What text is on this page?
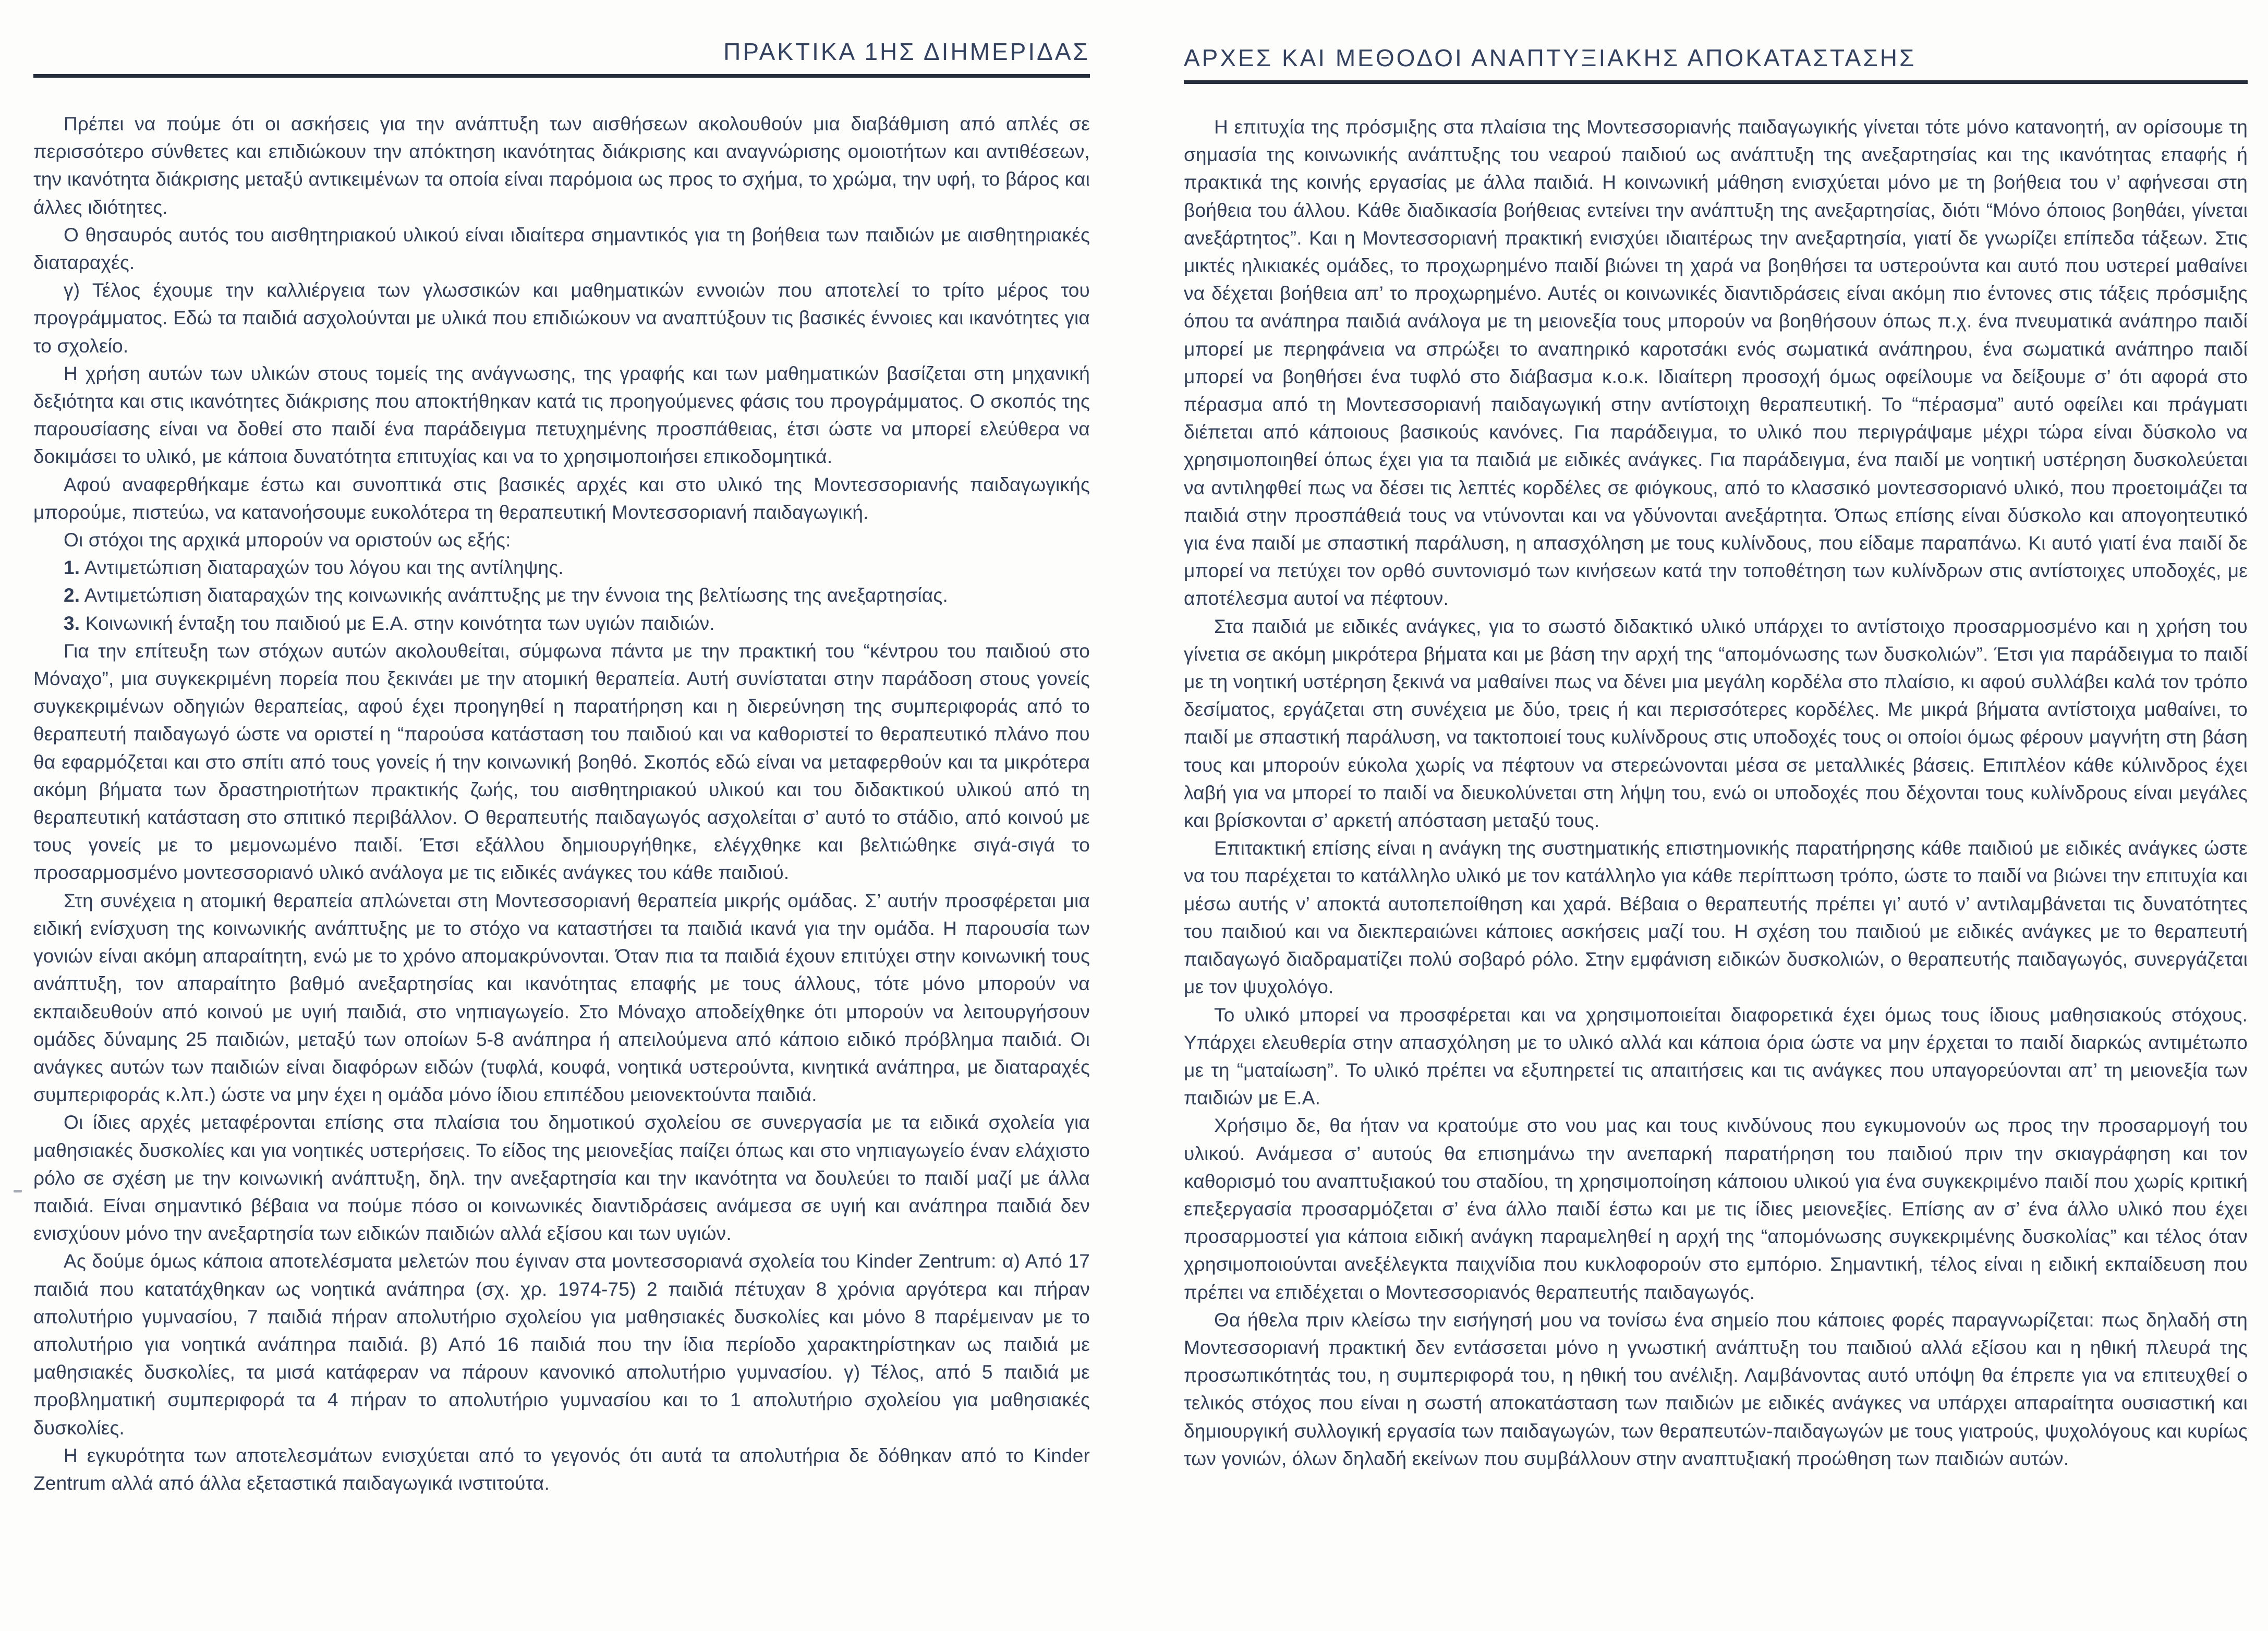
ΠΡΑΚΤΙΚΑ 1ΗΣ ΔΙΗΜΕΡΙΔΑΣ

Πρέπει να πούμε ότι οι ασκήσεις για την ανάπτυξη των αισθήσεων ακολουθούν μια διαβάθμιση από απλές σε περισσότερο σύνθετες και επιδιώκουν την απόκτηση ικανότητας διάκρισης και αναγνώρισης ομοιοτήτων και αντιθέσεων, την ικανότητα διάκρισης μεταξύ αντικειμένων τα οποία είναι παρόμοια ως προς το σχήμα, το χρώμα, την υφή, το βάρος και άλλες ιδιότητες.

Ο θησαυρός αυτός του αισθητηριακού υλικού είναι ιδιαίτερα σημαντικός για τη βοήθεια των παιδιών με αισθητηριακές διαταραχές.

γ) Τέλος έχουμε την καλλιέργεια των γλωσσικών και μαθηματικών εννοιών που αποτελεί το τρίτο μέρος του προγράμματος. Εδώ τα παιδιά ασχολούνται με υλικά που επιδιώκουν να αναπτύξουν τις βασικές έννοιες και ικανότητες για το σχολείο.

Η χρήση αυτών των υλικών στους τομείς της ανάγνωσης, της γραφής και των μαθηματικών βασίζεται στη μηχανική δεξιότητα και στις ικανότητες διάκρισης που αποκτήθηκαν κατά τις προηγούμενες φάσις του προγράμματος. Ο σκοπός της παρουσίασης είναι να δοθεί στο παιδί ένα παράδειγμα πετυχημένης προσπάθειας, έτσι ώστε να μπορεί ελεύθερα να δοκιμάσει το υλικό, με κάποια δυνατότητα επιτυχίας και να το χρησιμοποιήσει επικοδομητικά.

Αφού αναφερθήκαμε έστω και συνοπτικά στις βασικές αρχές και στο υλικό της Μοντεσσοριανής παιδαγωγικής μπορούμε, πιστεύω, να κατανοήσουμε ευκολότερα τη θεραπευτική Μοντεσσοριανή παιδαγωγική.

Οι στόχοι της αρχικά μπορούν να οριστούν ως εξής:

1. Αντιμετώπιση διαταραχών του λόγου και της αντίληψης.

2. Αντιμετώπιση διαταραχών της κοινωνικής ανάπτυξης με την έννοια της βελτίωσης της ανεξαρτησίας.

3. Κοινωνική ένταξη του παιδιού με Ε.Α. στην κοινότητα των υγιών παιδιών.

Για την επίτευξη των στόχων αυτών ακολουθείται, σύμφωνα πάντα με την πρακτική του “κέντρου του παιδιού στο Μόναχο”, μια συγκεκριμένη πορεία που ξεκινάει με την ατομική θεραπεία. Αυτή συνίσταται στην παράδοση στους γονείς συγκεκριμένων οδηγιών θεραπείας, αφού έχει προηγηθεί η παρατήρηση και η διερεύνηση της συμπεριφοράς από το θεραπευτή παιδαγωγό ώστε να οριστεί η “παρούσα κατάσταση του παιδιού και να καθοριστεί το θεραπευτικό πλάνο που θα εφαρμόζεται και στο σπίτι από τους γονείς ή την κοινωνική βοηθό. Σκοπός εδώ είναι να μεταφερθούν και τα μικρότερα ακόμη βήματα των δραστηριοτήτων πρακτικής ζωής, του αισθητηριακού υλικού και του διδακτικού υλικού από τη θεραπευτική κατάσταση στο σπιτικό περιβάλλον. Ο θεραπευτής παιδαγωγός ασχολείται σ’ αυτό το στάδιο, από κοινού με τους γονείς με το μεμονωμένο παιδί. Έτσι εξάλλου δημιουργήθηκε, ελέγχθηκε και βελτιώθηκε σιγά-σιγά το προσαρμοσμένο μοντεσσοριανό υλικό ανάλογα με τις ειδικές ανάγκες του κάθε παιδιού.

Στη συνέχεια η ατομική θεραπεία απλώνεται στη Μοντεσσοριανή θεραπεία μικρής ομάδας. Σ’ αυτήν προσφέρεται μια ειδική ενίσχυση της κοινωνικής ανάπτυξης με το στόχο να καταστήσει τα παιδιά ικανά για την ομάδα. Η παρουσία των γονιών είναι ακόμη απαραίτητη, ενώ με το χρόνο απομακρύνονται. Όταν πια τα παιδιά έχουν επιτύχει στην κοινωνική τους ανάπτυξη, τον απαραίτητο βαθμό ανεξαρτησίας και ικανότητας επαφής με τους άλλους, τότε μόνο μπορούν να εκπαιδευθούν από κοινού με υγιή παιδιά, στο νηπιαγωγείο. Στο Μόναχο αποδείχθηκε ότι μπορούν να λειτουργήσουν ομάδες δύναμης 25 παιδιών, μεταξύ των οποίων 5-8 ανάπηρα ή απειλούμενα από κάποιο ειδικό πρόβλημα παιδιά. Οι ανάγκες αυτών των παιδιών είναι διαφόρων ειδών (τυφλά, κουφά, νοητικά υστερούντα, κινητικά ανάπηρα, με διαταραχές συμπεριφοράς κ.λπ.) ώστε να μην έχει η ομάδα μόνο ίδιου επιπέδου μειονεκτούντα παιδιά.

Οι ίδιες αρχές μεταφέρονται επίσης στα πλαίσια του δημοτικού σχολείου σε συνεργασία με τα ειδικά σχολεία για μαθησιακές δυσκολίες και για νοητικές υστερήσεις. Το είδος της μειονεξίας παίζει όπως και στο νηπιαγωγείο έναν ελάχιστο ρόλο σε σχέση με την κοινωνική ανάπτυξη, δηλ. την ανεξαρτησία και την ικανότητα να δουλεύει το παιδί μαζί με άλλα παιδιά. Είναι σημαντικό βέβαια να πούμε πόσο οι κοινωνικές διαντιδράσεις ανάμεσα σε υγιή και ανάπηρα παιδιά δεν ενισχύουν μόνο την ανεξαρτησία των ειδικών παιδιών αλλά εξίσου και των υγιών.

Ας δούμε όμως κάποια αποτελέσματα μελετών που έγιναν στα μοντεσσοριανά σχολεία του Kinder Zentrum: α) Από 17 παιδιά που κατατάχθηκαν ως νοητικά ανάπηρα (σχ. χρ. 1974-75) 2 παιδιά πέτυχαν 8 χρόνια αργότερα και πήραν απολυτήριο γυμνασίου, 7 παιδιά πήραν απολυτήριο σχολείου για μαθησιακές δυσκολίες και μόνο 8 παρέμειναν με το απολυτήριο για νοητικά ανάπηρα παιδιά. β) Από 16 παιδιά που την ίδια περίοδο χαρακτηρίστηκαν ως παιδιά με μαθησιακές δυσκολίες, τα μισά κατάφεραν να πάρουν κανονικό απολυτήριο γυμνασίου. γ) Τέλος, από 5 παιδιά με προβληματική συμπεριφορά τα 4 πήραν το απολυτήριο γυμνασίου και το 1 απολυτήριο σχολείου για μαθησιακές δυσκολίες.

Η εγκυρότητα των αποτελεσμάτων ενισχύεται από το γεγονός ότι αυτά τα απολυτήρια δε δόθηκαν από το Kinder Zentrum αλλά από άλλα εξεταστικά παιδαγωγικά ινστιτούτα.

ΑΡΧΕΣ ΚΑΙ ΜΕΘΟΔΟΙ ΑΝΑΠΤΥΞΙΑΚΗΣ ΑΠΟΚΑΤΑΣΤΑΣΗΣ

Η επιτυχία της πρόσμιξης στα πλαίσια της Μοντεσσοριανής παιδαγωγικής γίνεται τότε μόνο κατανοητή, αν ορίσουμε τη σημασία της κοινωνικής ανάπτυξης του νεαρού παιδιού ως ανάπτυξη της ανεξαρτησίας και της ικανότητας επαφής ή πρακτικά της κοινής εργασίας με άλλα παιδιά. Η κοινωνική μάθηση ενισχύεται μόνο με τη βοήθεια του ν’ αφήνεσαι στη βοήθεια του άλλου. Κάθε διαδικασία βοήθειας εντείνει την ανάπτυξη της ανεξαρτησίας, διότι “Μόνο όποιος βοηθάει, γίνεται ανεξάρτητος”. Και η Μοντεσσοριανή πρακτική ενισχύει ιδιαιτέρως την ανεξαρτησία, γιατί δε γνωρίζει επίπεδα τάξεων. Στις μικτές ηλικιακές ομάδες, το προχωρημένο παιδί βιώνει τη χαρά να βοηθήσει τα υστερούντα και αυτό που υστερεί μαθαίνει να δέχεται βοήθεια απ’ το προχωρημένο. Αυτές οι κοινωνικές διαντιδράσεις είναι ακόμη πιο έντονες στις τάξεις πρόσμιξης όπου τα ανάπηρα παιδιά ανάλογα με τη μειονεξία τους μπορούν να βοηθήσουν όπως π.χ. ένα πνευματικά ανάπηρο παιδί μπορεί με περηφάνεια να σπρώξει το αναπηρικό καροτσάκι ενός σωματικά ανάπηρου, ένα σωματικά ανάπηρο παιδί μπορεί να βοηθήσει ένα τυφλό στο διάβασμα κ.ο.κ. Ιδιαίτερη προσοχή όμως οφείλουμε να δείξουμε σ’ ότι αφορά στο πέρασμα από τη Μοντεσσοριανή παιδαγωγική στην αντίστοιχη θεραπευτική. Το “πέρασμα” αυτό οφείλει και πράγματι διέπεται από κάποιους βασικούς κανόνες. Για παράδειγμα, το υλικό που περιγράψαμε μέχρι τώρα είναι δύσκολο να χρησιμοποιηθεί όπως έχει για τα παιδιά με ειδικές ανάγκες. Για παράδειγμα, ένα παιδί με νοητική υστέρηση δυσκολεύεται να αντιληφθεί πως να δέσει τις λεπτές κορδέλες σε φιόγκους, από το κλασσικό μοντεσσοριανό υλικό, που προετοιμάζει τα παιδιά στην προσπάθειά τους να ντύνονται και να γδύνονται ανεξάρτητα. Όπως επίσης είναι δύσκολο και απογοητευτικό για ένα παιδί με σπαστική παράλυση, η απασχόληση με τους κυλίνδους, που είδαμε παραπάνω. Κι αυτό γιατί ένα παιδί δε μπορεί να πετύχει τον ορθό συντονισμό των κινήσεων κατά την τοποθέτηση των κυλίνδρων στις αντίστοιχες υποδοχές, με αποτέλεσμα αυτοί να πέφτουν.

Στα παιδιά με ειδικές ανάγκες, για το σωστό διδακτικό υλικό υπάρχει το αντίστοιχο προσαρμοσμένο και η χρήση του γίνετια σε ακόμη μικρότερα βήματα και με βάση την αρχή της “απομόνωσης των δυσκολιών”. Έτσι για παράδειγμα το παιδί με τη νοητική υστέρηση ξεκινά να μαθαίνει πως να δένει μια μεγάλη κορδέλα στο πλαίσιο, κι αφού συλλάβει καλά τον τρόπο δεσίματος, εργάζεται στη συνέχεια με δύο, τρεις ή και περισσότερες κορδέλες. Με μικρά βήματα αντίστοιχα μαθαίνει, το παιδί με σπαστική παράλυση, να τακτοποιεί τους κυλίνδρους στις υποδοχές τους οι οποίοι όμως φέρουν μαγνήτη στη βάση τους και μπορούν εύκολα χωρίς να πέφτουν να στερεώνονται μέσα σε μεταλλικές βάσεις. Επιπλέον κάθε κύλινδρος έχει λαβή για να μπορεί το παιδί να διευκολύνεται στη λήψη του, ενώ οι υποδοχές που δέχονται τους κυλίνδρους είναι μεγάλες και βρίσκονται σ’ αρκετή απόσταση μεταξύ τους.

Επιτακτική επίσης είναι η ανάγκη της συστηματικής επιστημονικής παρατήρησης κάθε παιδιού με ειδικές ανάγκες ώστε να του παρέχεται το κατάλληλο υλικό με τον κατάλληλο για κάθε περίπτωση τρόπο, ώστε το παιδί να βιώνει την επιτυχία και μέσω αυτής ν’ αποκτά αυτοπεποίθηση και χαρά. Βέβαια ο θεραπευτής πρέπει γι’ αυτό ν’ αντιλαμβάνεται τις δυνατότητες του παιδιού και να διεκπεραιώνει κάποιες ασκήσεις μαζί του. Η σχέση του παιδιού με ειδικές ανάγκες με το θεραπευτή παιδαγωγό διαδραματίζει πολύ σοβαρό ρόλο. Στην εμφάνιση ειδικών δυσκολιών, ο θεραπευτής παιδαγωγός, συνεργάζεται με τον ψυχολόγο.

Το υλικό μπορεί να προσφέρεται και να χρησιμοποιείται διαφορετικά έχει όμως τους ίδιους μαθησιακούς στόχους. Υπάρχει ελευθερία στην απασχόληση με το υλικό αλλά και κάποια όρια ώστε να μην έρχεται το παιδί διαρκώς αντιμέτωπο με τη “ματαίωση”. Το υλικό πρέπει να εξυπηρετεί τις απαιτήσεις και τις ανάγκες που υπαγορεύονται απ’ τη μειονεξία των παιδιών με Ε.Α.

Χρήσιμο δε, θα ήταν να κρατούμε στο νου μας και τους κινδύνους που εγκυμονούν ως προς την προσαρμογή του υλικού. Ανάμεσα σ’ αυτούς θα επισημάνω την ανεπαρκή παρατήρηση του παιδιού πριν την σκιαγράφηση και τον καθορισμό του αναπτυξιακού του σταδίου, τη χρησιμοποίηση κάποιου υλικού για ένα συγκεκριμένο παιδί που χωρίς κριτική επεξεργασία προσαρμόζεται σ’ ένα άλλο παιδί έστω και με τις ίδιες μειονεξίες. Επίσης αν σ’ ένα άλλο υλικό που έχει προσαρμοστεί για κάποια ειδική ανάγκη παραμεληθεί η αρχή της “απομόνωσης συγκεκριμένης δυσκολίας” και τέλος όταν χρησιμοποιούνται ανεξέλεγκτα παιχνίδια που κυκλοφορούν στο εμπόριο. Σημαντική, τέλος είναι η ειδική εκπαίδευση που πρέπει να επιδέχεται ο Μοντεσσοριανός θεραπευτής παιδαγωγός.

Θα ήθελα πριν κλείσω την εισήγησή μου να τονίσω ένα σημείο που κάποιες φορές παραγνωρίζεται: πως δηλαδή στη Μοντεσσοριανή πρακτική δεν εντάσσεται μόνο η γνωστική ανάπτυξη του παιδιού αλλά εξίσου και η ηθική πλευρά της προσωπικότητάς του, η συμπεριφορά του, η ηθική του ανέλιξη. Λαμβάνοντας αυτό υπόψη θα έπρεπε για να επιτευχθεί ο τελικός στόχος που είναι η σωστή αποκατάσταση των παιδιών με ειδικές ανάγκες να υπάρχει απαραίτητα ουσιαστική και δημιουργική συλλογική εργασία των παιδαγωγών, των θεραπευτών-παιδαγωγών με τους γιατρούς, ψυχολόγους και κυρίως των γονιών, όλων δηλαδή εκείνων που συμβάλλουν στην αναπτυξιακή προώθηση των παιδιών αυτών.
